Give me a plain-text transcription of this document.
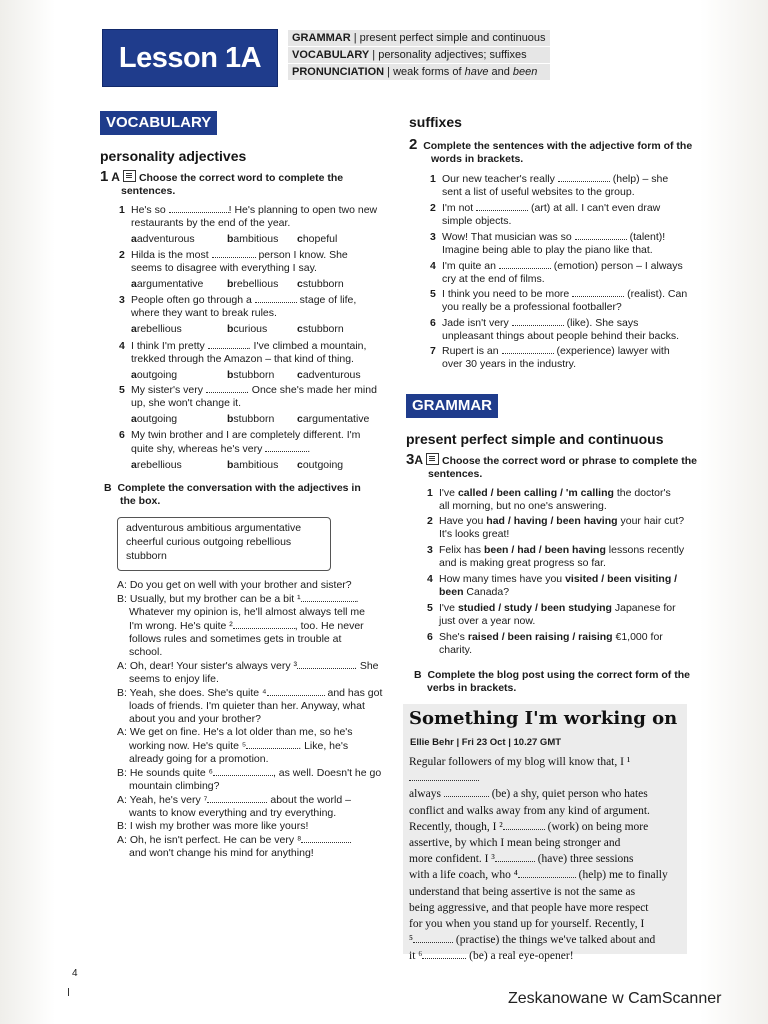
Lesson 1A
GRAMMAR | present perfect simple and continuous
VOCABULARY | personality adjectives; suffixes
PRONUNCIATION | weak forms of have and been
VOCABULARY
personality adjectives
1 A Choose the correct word to complete the
sentences.
1 He's so	! He's planning to open two new
restaurants by the end of the year.
a adventurous	b ambitious c hopeful
2 Hilda is the most	person I know. She
seems to disagree with everything I say.
a argumentative b rebellious c stubborn
3 People often go through a	stage of life,
where they want to break rules.
a rebellious	b curious	c stubborn
4 I think I'm pretty	. I've climbed a mountain,
trekked through the Amazon – that kind of thing.
a outgoing	b stubborn c adventurous
5 My sister's very	. Once she's made her mind
up, she won't change it.
a outgoing	b stubborn c argumentative
6 My twin brother and I are completely different. I'm
quite shy, whereas he's very	.
a rebellious	b ambitious c outgoing
B Complete the conversation with the adjectives in
the box.
adventurous ambitious argumentative
cheerful curious outgoing rebellious
stubborn
A: Do you get on well with your brother and sister?
B: Usually, but my brother can be a bit ¹	.
Whatever my opinion is, he'll almost always tell me
I'm wrong. He's quite ²	, too. He never
follows rules and sometimes gets in trouble at
school.
A: Oh, dear! Your sister's always very ³	. She
seems to enjoy life.
B: Yeah, she does. She's quite ⁴	and has got
loads of friends. I'm quieter than her. Anyway, what
about you and your brother?
A: We get on fine. He's a lot older than me, so he's
working now. He's quite ⁵	. Like, he's
already going for a promotion.
B: He sounds quite ⁶	, as well. Doesn't he go
mountain climbing?
A: Yeah, he's very ⁷	about the world –
wants to know everything and try everything.
B: I wish my brother was more like yours!
A: Oh, he isn't perfect. He can be very ⁸
and won't change his mind for anything!
suffixes
2 Complete the sentences with the adjective form of the
words in brackets.
1 Our new teacher's really	(help) – she
sent a list of useful websites to the group.
2 I'm not	(art) at all. I can't even draw
simple objects.
3 Wow! That musician was so	(talent)!
Imagine being able to play the piano like that.
4 I'm quite an	(emotion) person – I always
cry at the end of films.
5 I think you need to be more	(realist). Can
you really be a professional footballer?
6 Jade isn't very	(like). She says
unpleasant things about people behind their backs.
7 Rupert is an	(experience) lawyer with
over 30 years in the industry.
GRAMMAR
present perfect simple and continuous
3A Choose the correct word or phrase to complete the
sentences.
1 I've called / been calling / 'm calling the doctor's
all morning, but no one's answering.
2 Have you had / having / been having your hair cut?
It's looks great!
3 Felix has been / had / been having lessons recently
and is making great progress so far.
4 How many times have you visited / been visiting /
been Canada?
5 I've studied / study / been studying Japanese for
just over a year now.
6 She's raised / been raising / raising €1,000 for
charity.
B Complete the blog post using the correct form of the
verbs in brackets.
Something I'm working on
Ellie Behr | Fri 23 Oct | 10.27 GMT
Regular followers of my blog will know that, I ¹
always	(be) a shy, quiet person who hates
conflict and walks away from any kind of argument.
Recently, though, I ²	(work) on being more
assertive, by which I mean being stronger and
more confident. I ³	(have) three sessions
with a life coach, who ⁴	(help) me to finally
understand that being assertive is not the same as
being aggressive, and that people have more respect
for you when you stand up for yourself. Recently, I
⁵	(practise) the things we've talked about and
it ⁶	(be) a real eye-opener!
4
Zeskanowane w CamScanner
